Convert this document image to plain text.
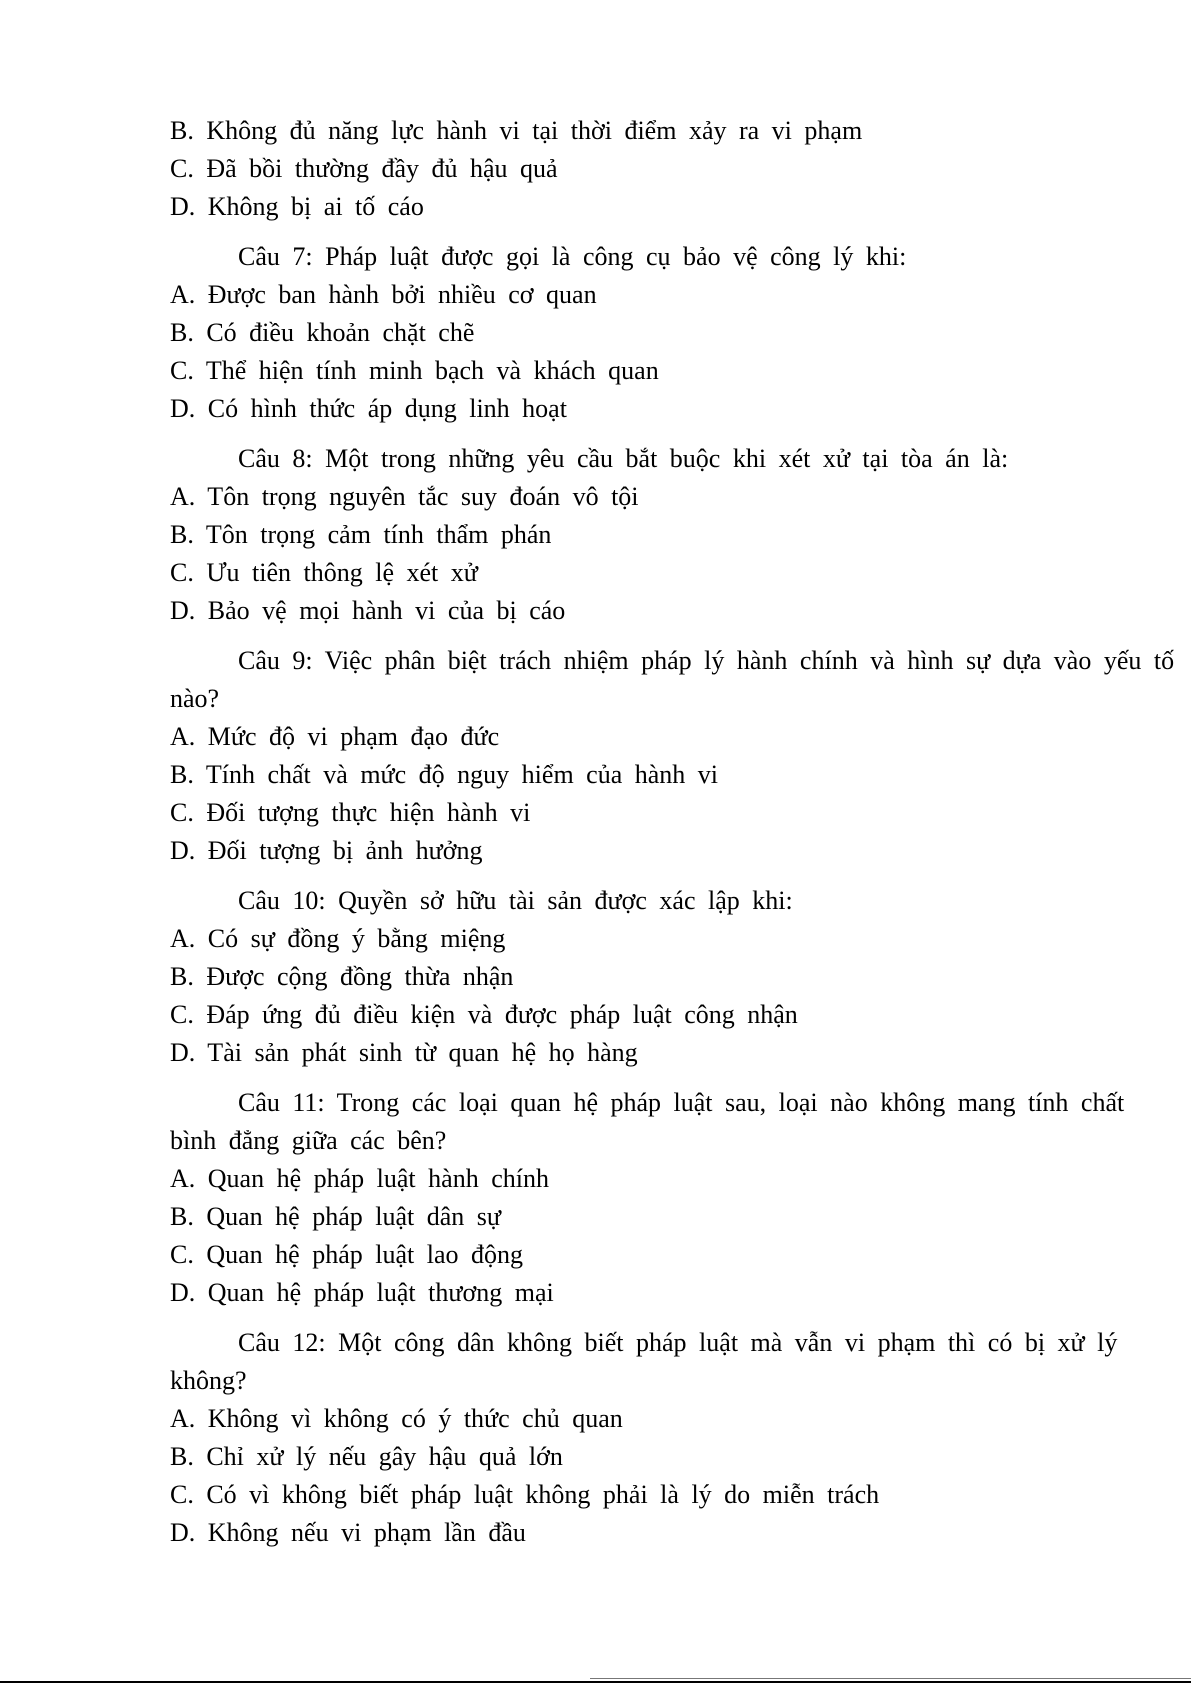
B. Không đủ năng lực hành vi tại thời điểm xảy ra vi phạm
C. Đã bồi thường đầy đủ hậu quả
D. Không bị ai tố cáo
Câu 7: Pháp luật được gọi là công cụ bảo vệ công lý khi:
A. Được ban hành bởi nhiều cơ quan
B. Có điều khoản chặt chẽ
C. Thể hiện tính minh bạch và khách quan
D. Có hình thức áp dụng linh hoạt
Câu 8: Một trong những yêu cầu bắt buộc khi xét xử tại tòa án là:
A. Tôn trọng nguyên tắc suy đoán vô tội
B. Tôn trọng cảm tính thẩm phán
C. Ưu tiên thông lệ xét xử
D. Bảo vệ mọi hành vi của bị cáo
Câu 9: Việc phân biệt trách nhiệm pháp lý hành chính và hình sự dựa vào yếu tố nào?
A. Mức độ vi phạm đạo đức
B. Tính chất và mức độ nguy hiểm của hành vi
C. Đối tượng thực hiện hành vi
D. Đối tượng bị ảnh hưởng
Câu 10: Quyền sở hữu tài sản được xác lập khi:
A. Có sự đồng ý bằng miệng
B. Được cộng đồng thừa nhận
C. Đáp ứng đủ điều kiện và được pháp luật công nhận
D. Tài sản phát sinh từ quan hệ họ hàng
Câu 11: Trong các loại quan hệ pháp luật sau, loại nào không mang tính chất bình đẳng giữa các bên?
A. Quan hệ pháp luật hành chính
B. Quan hệ pháp luật dân sự
C. Quan hệ pháp luật lao động
D. Quan hệ pháp luật thương mại
Câu 12: Một công dân không biết pháp luật mà vẫn vi phạm thì có bị xử lý không?
A. Không vì không có ý thức chủ quan
B. Chỉ xử lý nếu gây hậu quả lớn
C. Có vì không biết pháp luật không phải là lý do miễn trách
D. Không nếu vi phạm lần đầu
